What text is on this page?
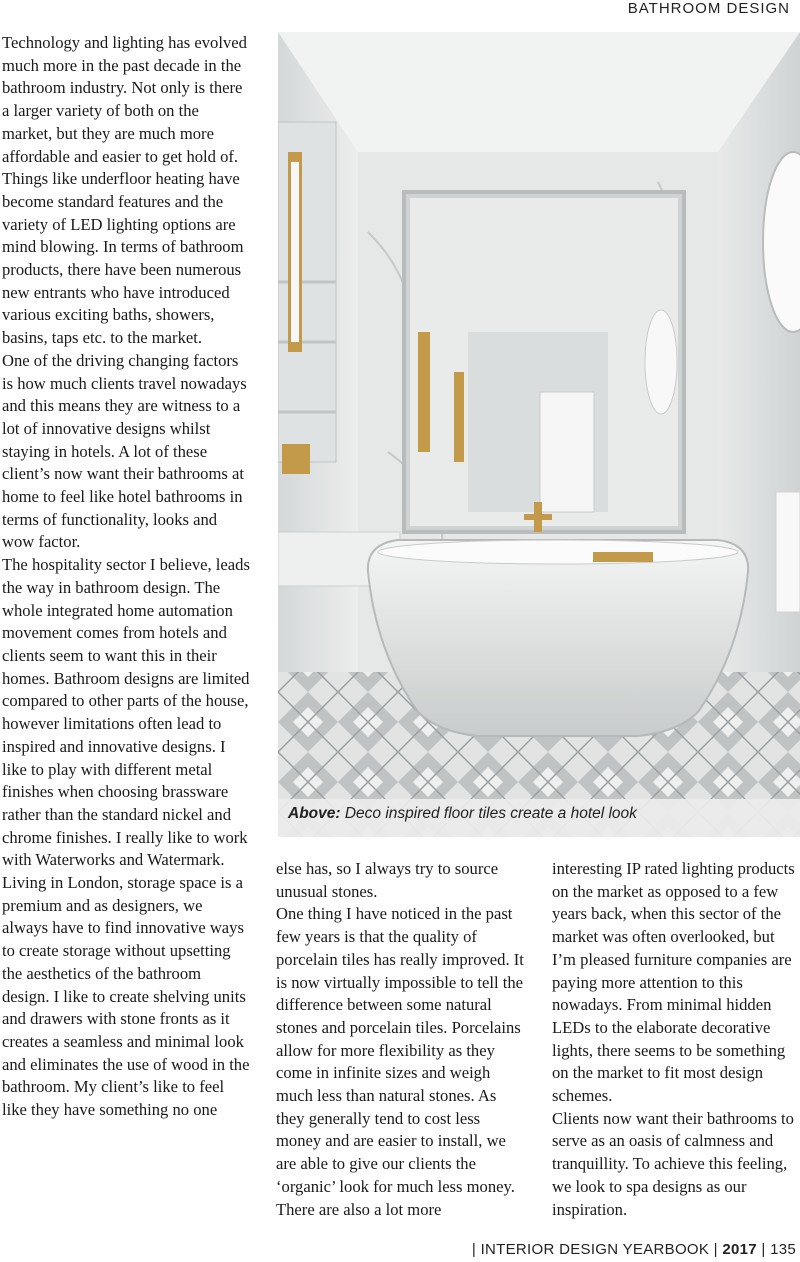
BATHROOM DESIGN

Technology and lighting has evolved much more in the past decade in the bathroom industry. Not only is there a larger variety of both on the market, but they are much more affordable and easier to get hold of. Things like underfloor heating have become standard features and the variety of LED lighting options are mind blowing. In terms of bathroom products, there have been numerous new entrants who have introduced various exciting baths, showers, basins, taps etc. to the market.

One of the driving changing factors is how much clients travel nowadays and this means they are witness to a lot of innovative designs whilst staying in hotels. A lot of these client’s now want their bathrooms at home to feel like hotel bathrooms in terms of functionality, looks and wow factor.

The hospitality sector I believe, leads the way in bathroom design. The whole integrated home automation movement comes from hotels and clients seem to want this in their homes. Bathroom designs are limited compared to other parts of the house, however limitations often lead to inspired and innovative designs. I like to play with different metal finishes when choosing brassware rather than the standard nickel and chrome finishes. I really like to work with Waterworks and Watermark. Living in London, storage space is a premium and as designers, we always have to find innovative ways to create storage without upsetting the aesthetics of the bathroom design. I like to create shelving units and drawers with stone fronts as it creates a seamless and minimal look and eliminates the use of wood in the bathroom. My client’s like to feel like they have something no one

Above: Deco inspired floor tiles create a hotel look

else has, so I always try to source unusual stones.

One thing I have noticed in the past few years is that the quality of porcelain tiles has really improved. It is now virtually impossible to tell the difference between some natural stones and porcelain tiles. Porcelains allow for more flexibility as they come in infinite sizes and weigh much less than natural stones. As they generally tend to cost less money and are easier to install, we are able to give our clients the ‘organic’ look for much less money. There are also a lot more

interesting IP rated lighting products on the market as opposed to a few years back, when this sector of the market was often overlooked, but I’m pleased furniture companies are paying more attention to this nowadays. From minimal hidden LEDs to the elaborate decorative lights, there seems to be something on the market to fit most design schemes.

Clients now want their bathrooms to serve as an oasis of calmness and tranquillity. To achieve this feeling, we look to spa designs as our inspiration.

| INTERIOR DESIGN YEARBOOK | 2017 | 135
